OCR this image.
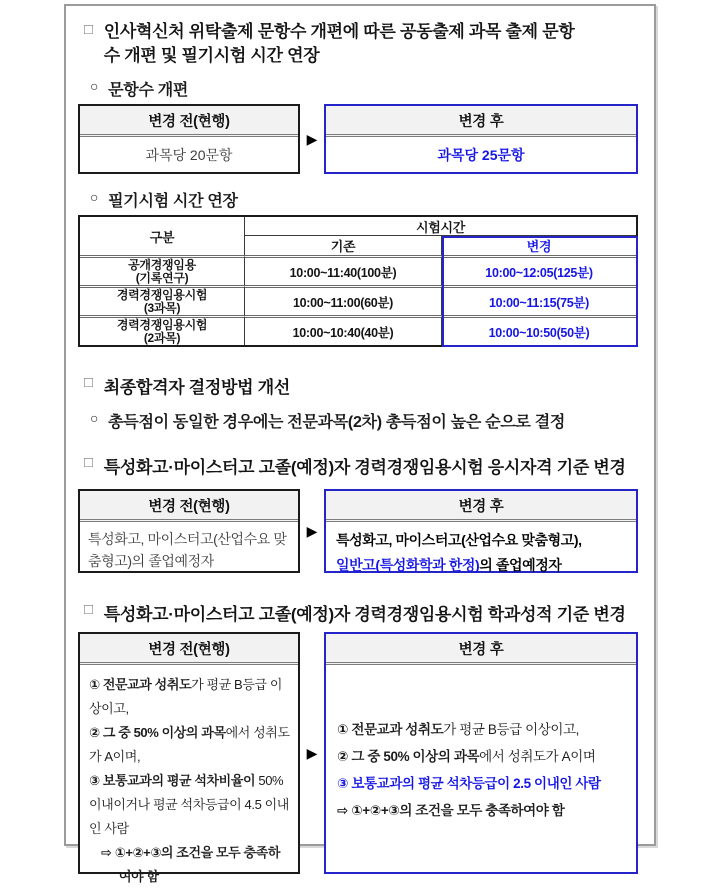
□ 인사혁신처 위탁출제 문항수 개편에 따른 공동출제 과목 출제 문항
수 개편 및 필기시험 시간 연장
○ 문항수 개편
변경 전(현행)
과목당 20문항
▶
변경 후
과목당 25문항
○ 필기시험 시간 연장
구분
시험시간
기존	변경
공개경쟁임용
(기록연구)	10:00~11:40(100분)	10:00~12:05(125분)
경력경쟁임용시험
(3과목)	10:00~11:00(60분)	10:00~11:15(75분)
경력경쟁임용시험
(2과목)	10:00~10:40(40분)	10:00~10:50(50분)
□ 최종합격자 결정방법 개선
○ 총득점이 동일한 경우에는 전문과목(2차) 총득점이 높은 순으로 결정
□ 특성화고·마이스터고 고졸(예정)자 경력경쟁임용시험 응시자격 기준 변경
변경 전(현행)
특성화고, 마이스터고(산업수요 맞춤형고)의 졸업예정자
▶
변경 후
특성화고, 마이스터고(산업수요 맞춤형고),
일반고(특성화학과 한정)의 졸업예정자
□ 특성화고·마이스터고 고졸(예정)자 경력경쟁임용시험 학과성적 기준 변경
변경 전(현행)
① 전문교과 성취도가 평균 B등급 이상이고,
② 그 중 50% 이상의 과목에서 성취도가 A이며,
③ 보통교과의 평균 석차비율이 50% 이내이거나 평균 석차등급이 4.5 이내인 사람
⇨ ①+②+③의 조건을 모두 충족하여야 함
▶
변경 후
① 전문교과 성취도가 평균 B등급 이상이고,
② 그 중 50% 이상의 과목에서 성취도가 A이며
③ 보통교과의 평균 석차등급이 2.5 이내인 사람
⇨ ①+②+③의 조건을 모두 충족하여야 함
